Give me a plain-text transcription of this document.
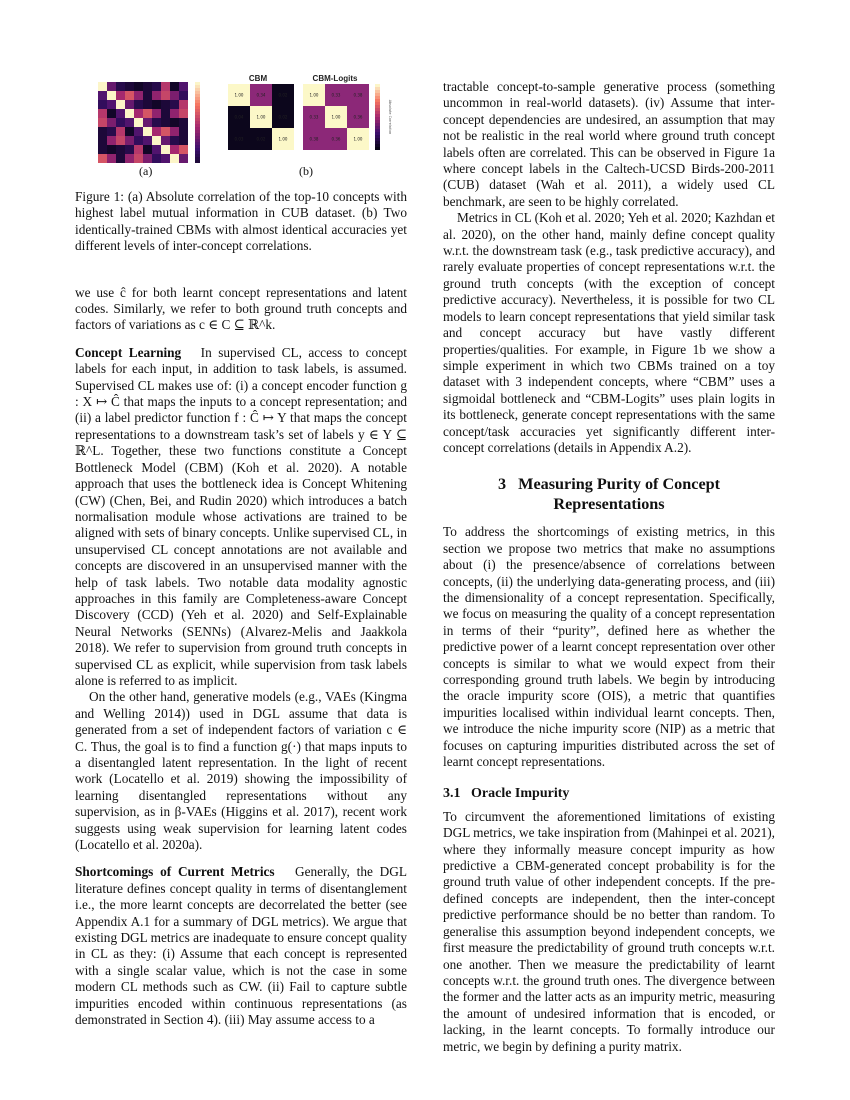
CBM	CBM-Logits
1.00	0.34	0.02
0.04	1.00	0.02
0.03	0.02	1.00
1.00	0.33	0.38
0.33	1.00	0.36
0.38	0.36	1.00
Absolute Correlation
(a)	(b)

Figure 1: (a) Absolute correlation of the top-10 concepts with highest label mutual information in CUB dataset. (b) Two identically-trained CBMs with almost identical accuracies yet different levels of inter-concept correlations.

we use ĉ for both learnt concept representations and latent codes. Similarly, we refer to both ground truth concepts and factors of variations as c ∈ C ⊆ ℝ^k.

Concept Learning In supervised CL, access to concept labels for each input, in addition to task labels, is assumed. Supervised CL makes use of: (i) a concept encoder function g : X ↦ Ĉ that maps the inputs to a concept representation; and (ii) a label predictor function f : Ĉ ↦ Y that maps the concept representations to a downstream task’s set of labels y ∈ Y ⊆ ℝ^L. Together, these two functions constitute a Concept Bottleneck Model (CBM) (Koh et al. 2020). A notable approach that uses the bottleneck idea is Concept Whitening (CW) (Chen, Bei, and Rudin 2020) which introduces a batch normalisation module whose activations are trained to be aligned with sets of binary concepts. Unlike supervised CL, in unsupervised CL concept annotations are not available and concepts are discovered in an unsupervised manner with the help of task labels. Two notable data modality agnostic approaches in this family are Completeness-aware Concept Discovery (CCD) (Yeh et al. 2020) and Self-Explainable Neural Networks (SENNs) (Alvarez-Melis and Jaakkola 2018). We refer to supervision from ground truth concepts in supervised CL as explicit, while supervision from task labels alone is referred to as implicit.

On the other hand, generative models (e.g., VAEs (Kingma and Welling 2014)) used in DGL assume that data is generated from a set of independent factors of variation c ∈ C. Thus, the goal is to find a function g(·) that maps inputs to a disentangled latent representation. In the light of recent work (Locatello et al. 2019) showing the impossibility of learning disentangled representations without any supervision, as in β-VAEs (Higgins et al. 2017), recent work suggests using weak supervision for learning latent codes (Locatello et al. 2020a).

Shortcomings of Current Metrics Generally, the DGL literature defines concept quality in terms of disentanglement i.e., the more learnt concepts are decorrelated the better (see Appendix A.1 for a summary of DGL metrics). We argue that existing DGL metrics are inadequate to ensure concept quality in CL as they: (i) Assume that each concept is represented with a single scalar value, which is not the case in some modern CL methods such as CW. (ii) Fail to capture subtle impurities encoded within continuous representations (as demonstrated in Section 4). (iii) May assume access to a

tractable concept-to-sample generative process (something uncommon in real-world datasets). (iv) Assume that inter-concept dependencies are undesired, an assumption that may not be realistic in the real world where ground truth concept labels often are correlated. This can be observed in Figure 1a where concept labels in the Caltech-UCSD Birds-200-2011 (CUB) dataset (Wah et al. 2011), a widely used CL benchmark, are seen to be highly correlated.

Metrics in CL (Koh et al. 2020; Yeh et al. 2020; Kazhdan et al. 2020), on the other hand, mainly define concept quality w.r.t. the downstream task (e.g., task predictive accuracy), and rarely evaluate properties of concept representations w.r.t. the ground truth concepts (with the exception of concept predictive accuracy). Nevertheless, it is possible for two CL models to learn concept representations that yield similar task and concept accuracy but have vastly different properties/qualities. For example, in Figure 1b we show a simple experiment in which two CBMs trained on a toy dataset with 3 independent concepts, where “CBM” uses a sigmoidal bottleneck and “CBM-Logits” uses plain logits in its bottleneck, generate concept representations with the same concept/task accuracies yet significantly different inter-concept correlations (details in Appendix A.2).

3 Measuring Purity of Concept
Representations

To address the shortcomings of existing metrics, in this section we propose two metrics that make no assumptions about (i) the presence/absence of correlations between concepts, (ii) the underlying data-generating process, and (iii) the dimensionality of a concept representation. Specifically, we focus on measuring the quality of a concept representation in terms of their “purity”, defined here as whether the predictive power of a learnt concept representation over other concepts is similar to what we would expect from their corresponding ground truth labels. We begin by introducing the oracle impurity score (OIS), a metric that quantifies impurities localised within individual learnt concepts. Then, we introduce the niche impurity score (NIP) as a metric that focuses on capturing impurities distributed across the set of learnt concept representations.

3.1 Oracle Impurity

To circumvent the aforementioned limitations of existing DGL metrics, we take inspiration from (Mahinpei et al. 2021), where they informally measure concept impurity as how predictive a CBM-generated concept probability is for the ground truth value of other independent concepts. If the pre-defined concepts are independent, then the inter-concept predictive performance should be no better than random. To generalise this assumption beyond independent concepts, we first measure the predictability of ground truth concepts w.r.t. one another. Then we measure the predictability of learnt concepts w.r.t. the ground truth ones. The divergence between the former and the latter acts as an impurity metric, measuring the amount of undesired information that is encoded, or lacking, in the learnt concepts. To formally introduce our metric, we begin by defining a purity matrix.
